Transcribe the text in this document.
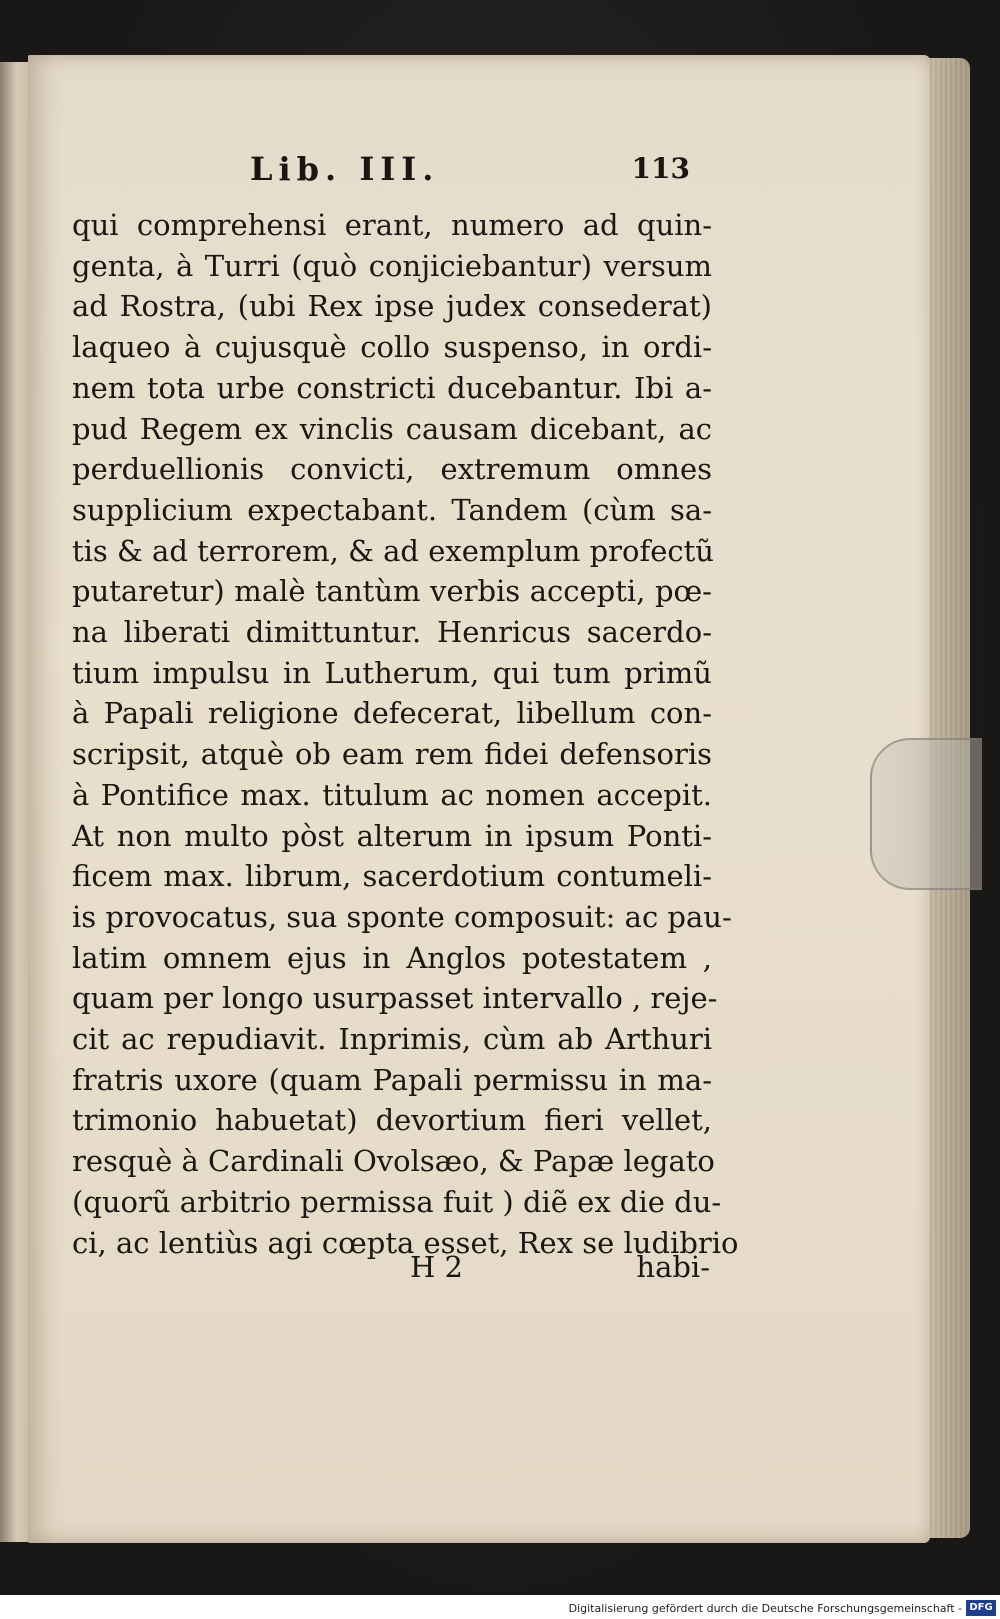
Lib. III.	113
qui comprehensi erant, numero ad quin-
genta, à Turri (quò conjiciebantur) versum
ad Rostra, (ubi Rex ipse judex consederat)
laqueo à cujusquè collo suspenso, in ordi-
nem tota urbe constricti ducebantur. Ibi a-
pud Regem ex vinclis causam dicebant, ac
perduellionis convicti, extremum omnes
supplicium expectabant. Tandem (cùm sa-
tis & ad terrorem, & ad exemplum profectũ
putaretur) malè tantùm verbis accepti, pœ-
na liberati dimittuntur. Henricus sacerdo-
tium impulsu in Lutherum, qui tum primũ
à Papali religione defecerat, libellum con-
scripsit, atquè ob eam rem fidei defensoris
à Pontifice max. titulum ac nomen accepit.
At non multo pòst alterum in ipsum Ponti-
ficem max. librum, sacerdotium contumeli-
is provocatus, sua sponte composuit: ac pau-
latim omnem ejus in Anglos potestatem ,
quam per longo usurpasset intervallo , reje-
cit ac repudiavit. Inprimis, cùm ab Arthuri
fratris uxore (quam Papali permissu in ma-
trimonio habuetat) devortium fieri vellet,
resquè à Cardinali Ovolsæo, & Papæ legato
(quorũ arbitrio permissa fuit ) diẽ ex die du-
ci, ac lentiùs agi cœpta esset, Rex se ludibrio
H 2	habi-
Digitalisierung gefördert durch die Deutsche Forschungsgemeinschaft - DFG
